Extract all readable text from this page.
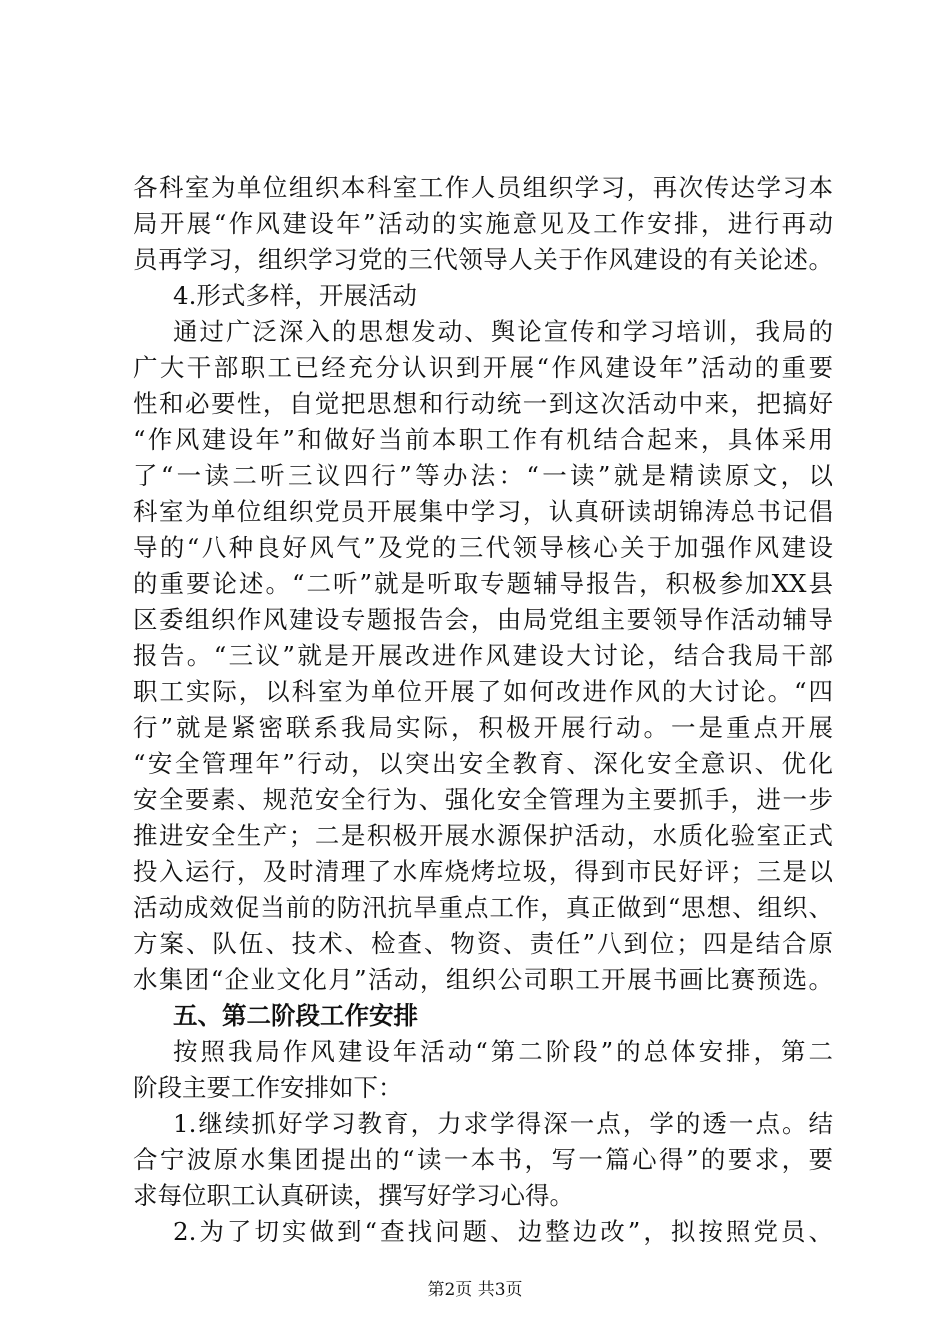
各科室为单位组织本科室工作人员组织学习，再次传达学习本
局开展“作风建设年”活动的实施意见及工作安排，进行再动
员再学习，组织学习党的三代领导人关于作风建设的有关论述。
4.形式多样，开展活动
通过广泛深入的思想发动、舆论宣传和学习培训，我局的
广大干部职工已经充分认识到开展“作风建设年”活动的重要
性和必要性，自觉把思想和行动统一到这次活动中来，把搞好
“作风建设年”和做好当前本职工作有机结合起来，具体采用
了“一读二听三议四行”等办法：“一读”就是精读原文，以
科室为单位组织党员开展集中学习，认真研读胡锦涛总书记倡
导的“八种良好风气”及党的三代领导核心关于加强作风建设
的重要论述。“二听”就是听取专题辅导报告，积极参加XX县
区委组织作风建设专题报告会，由局党组主要领导作活动辅导
报告。“三议”就是开展改进作风建设大讨论，结合我局干部
职工实际，以科室为单位开展了如何改进作风的大讨论。“四
行”就是紧密联系我局实际，积极开展行动。一是重点开展
“安全管理年”行动，以突出安全教育、深化安全意识、优化
安全要素、规范安全行为、强化安全管理为主要抓手，进一步
推进安全生产；二是积极开展水源保护活动，水质化验室正式
投入运行，及时清理了水库烧烤垃圾，得到市民好评；三是以
活动成效促当前的防汛抗旱重点工作，真正做到“思想、组织、
方案、队伍、技术、检查、物资、责任”八到位；四是结合原
水集团“企业文化月”活动，组织公司职工开展书画比赛预选。
五、第二阶段工作安排
按照我局作风建设年活动“第二阶段”的总体安排，第二
阶段主要工作安排如下：
1.继续抓好学习教育，力求学得深一点，学的透一点。结
合宁波原水集团提出的“读一本书，写一篇心得”的要求，要
求每位职工认真研读，撰写好学习心得。
2.为了切实做到“查找问题、边整边改”，拟按照党员、
第2页 共3页
